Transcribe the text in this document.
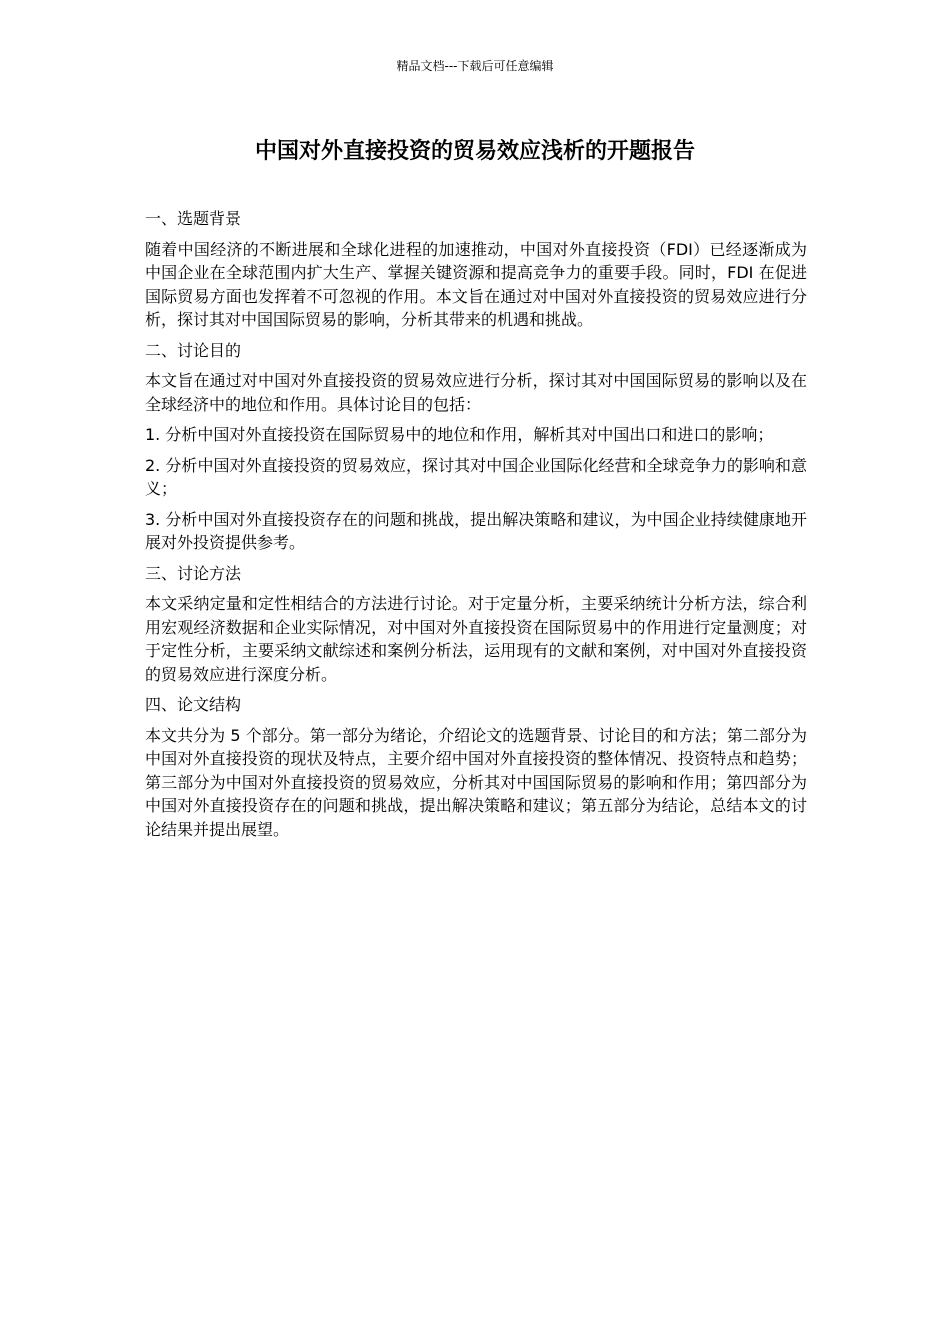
精品文档---下载后可任意编辑
中国对外直接投资的贸易效应浅析的开题报告

一、选题背景

随着中国经济的不断进展和全球化进程的加速推动，中国对外直接投资（FDI）已经逐渐成为中国企业在全球范围内扩大生产、掌握关键资源和提高竞争力的重要手段。同时，FDI 在促进国际贸易方面也发挥着不可忽视的作用。本文旨在通过对中国对外直接投资的贸易效应进行分析，探讨其对中国国际贸易的影响，分析其带来的机遇和挑战。

二、讨论目的

本文旨在通过对中国对外直接投资的贸易效应进行分析，探讨其对中国国际贸易的影响以及在全球经济中的地位和作用。具体讨论目的包括：

1. 分析中国对外直接投资在国际贸易中的地位和作用，解析其对中国出口和进口的影响；

2. 分析中国对外直接投资的贸易效应，探讨其对中国企业国际化经营和全球竞争力的影响和意义；

3. 分析中国对外直接投资存在的问题和挑战，提出解决策略和建议，为中国企业持续健康地开展对外投资提供参考。

三、讨论方法

本文采纳定量和定性相结合的方法进行讨论。对于定量分析，主要采纳统计分析方法，综合利用宏观经济数据和企业实际情况，对中国对外直接投资在国际贸易中的作用进行定量测度；对于定性分析，主要采纳文献综述和案例分析法，运用现有的文献和案例，对中国对外直接投资的贸易效应进行深度分析。

四、论文结构

本文共分为 5 个部分。第一部分为绪论，介绍论文的选题背景、讨论目的和方法；第二部分为中国对外直接投资的现状及特点，主要介绍中国对外直接投资的整体情况、投资特点和趋势；第三部分为中国对外直接投资的贸易效应，分析其对中国国际贸易的影响和作用；第四部分为中国对外直接投资存在的问题和挑战，提出解决策略和建议；第五部分为结论，总结本文的讨论结果并提出展望。
